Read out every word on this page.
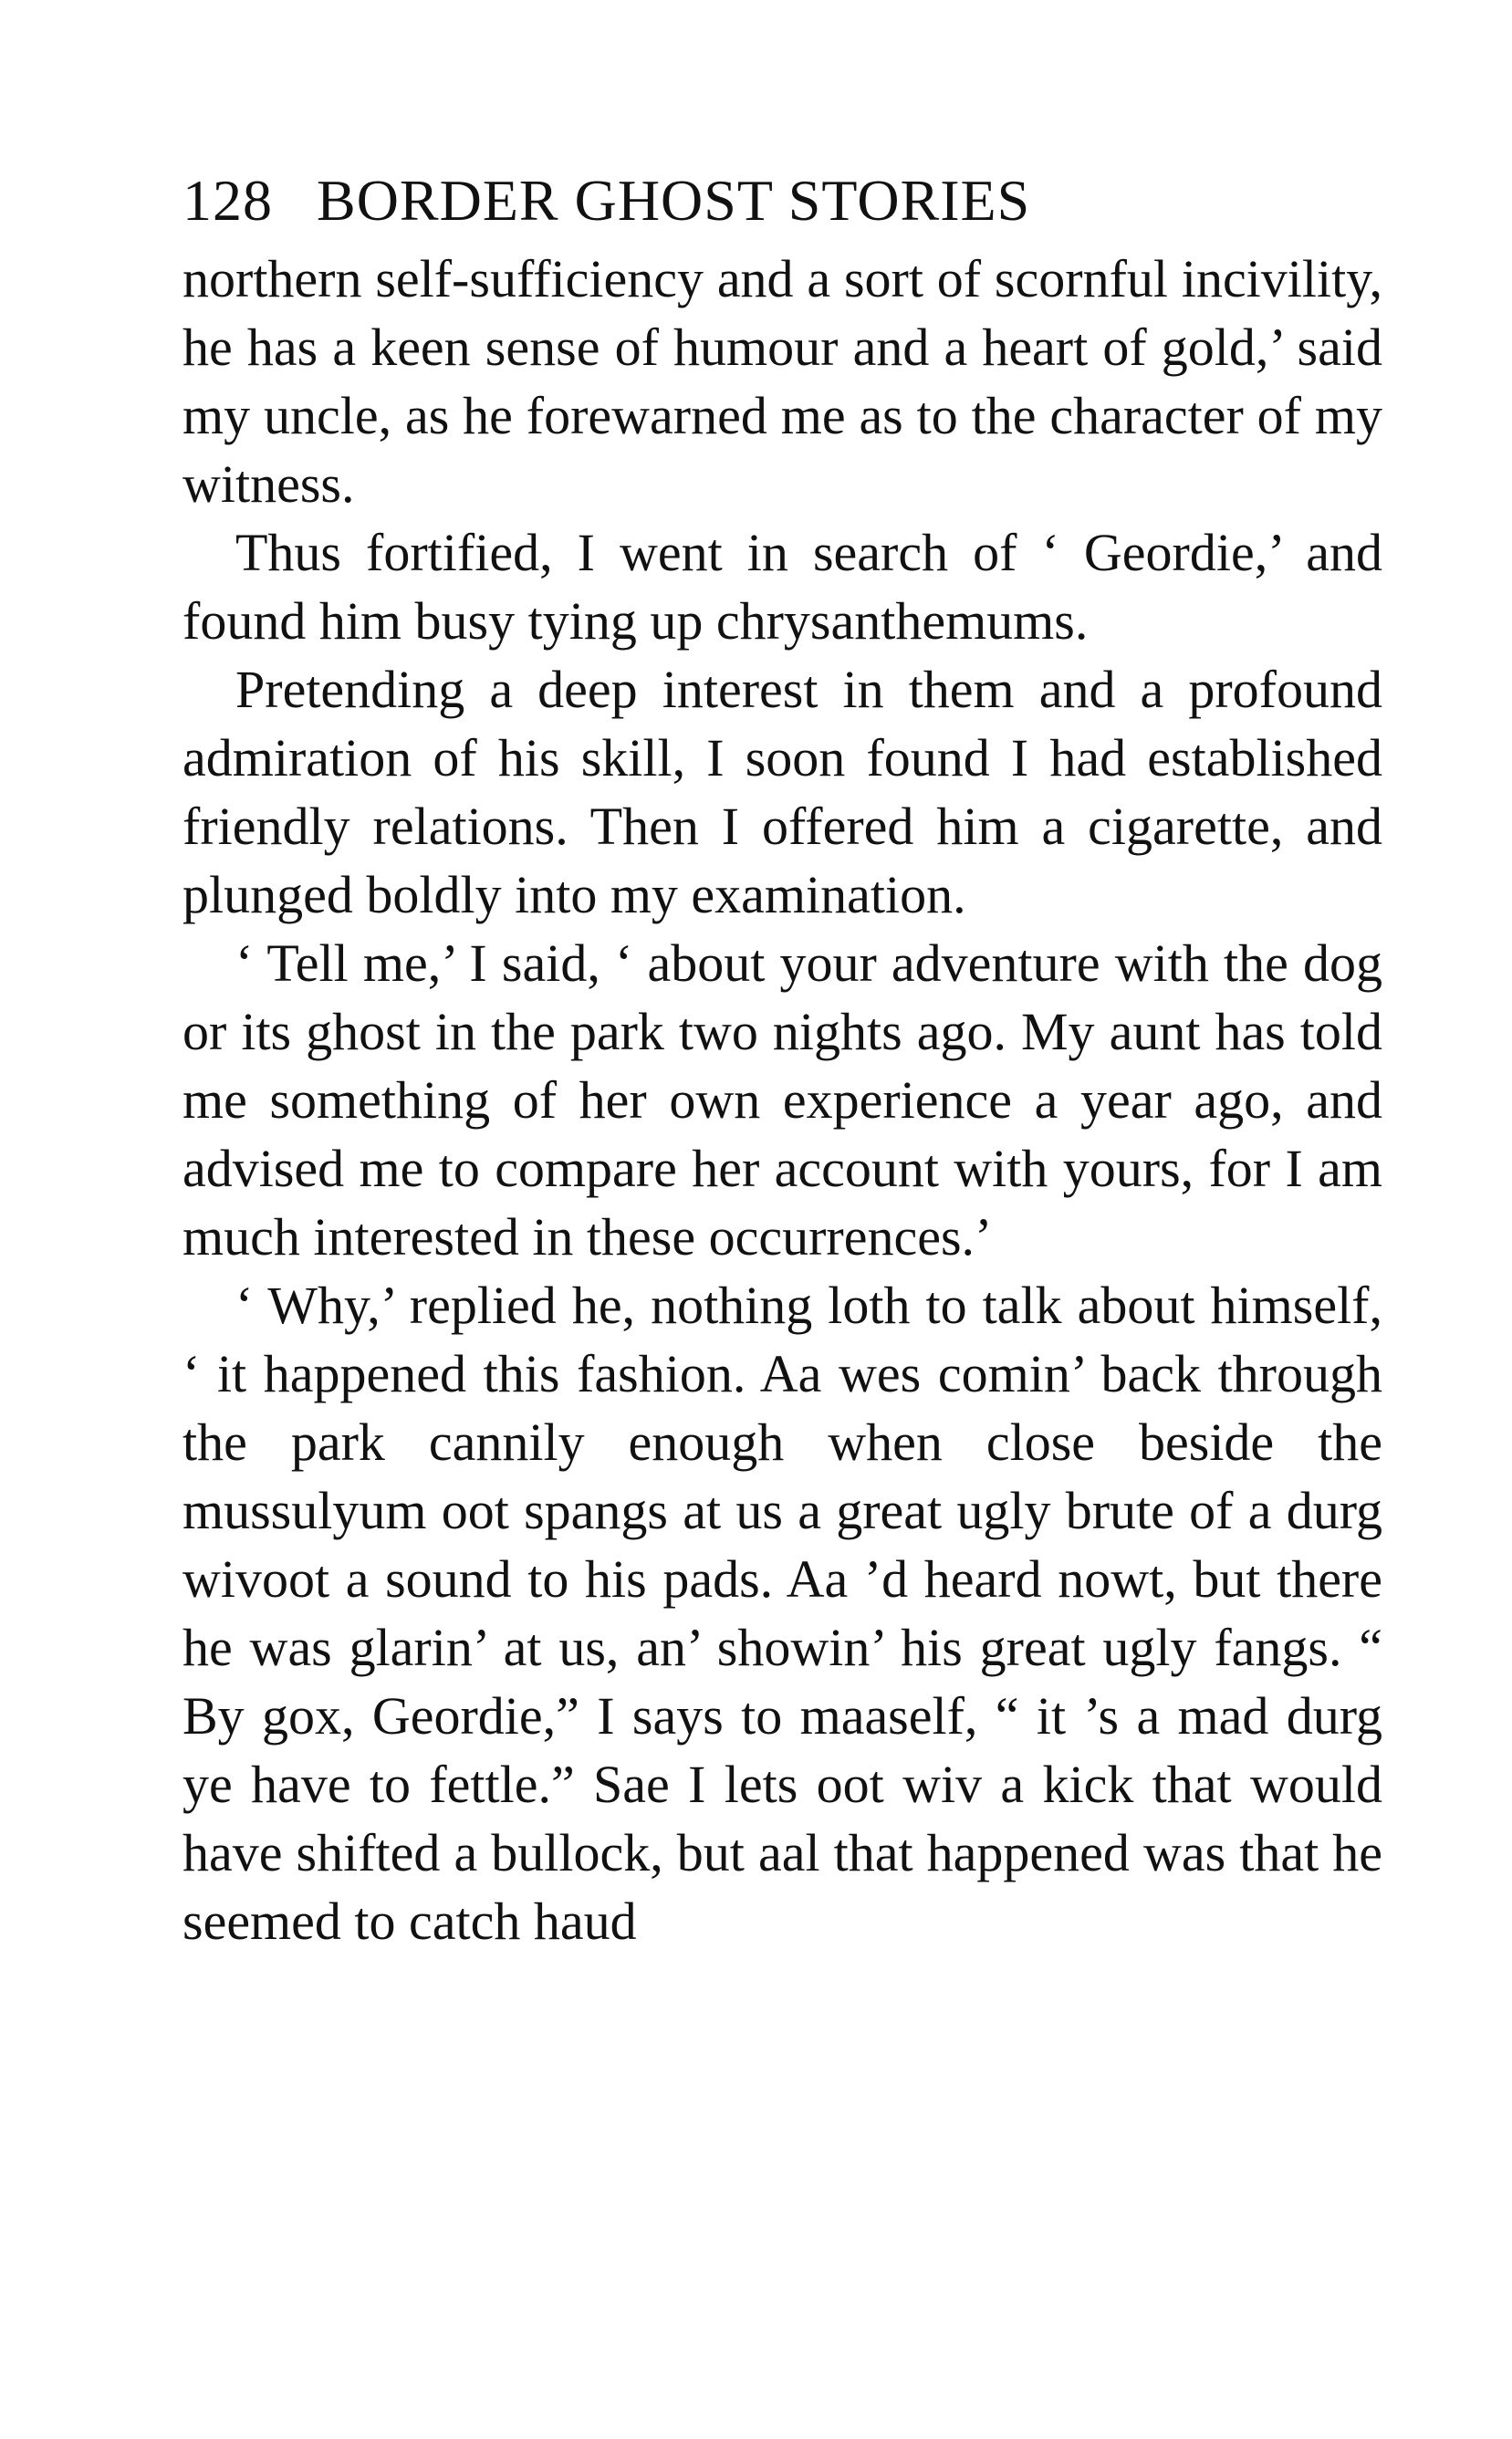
128 BORDER GHOST STORIES

northern self-sufficiency and a sort of scornful incivility, he has a keen sense of humour and a heart of gold,’ said my uncle, as he forewarned me as to the character of my witness.

Thus fortified, I went in search of ‘ Geordie,’ and found him busy tying up chrysanthemums.

Pretending a deep interest in them and a profound admiration of his skill, I soon found I had established friendly relations. Then I offered him a cigarette, and plunged boldly into my examination.

‘ Tell me,’ I said, ‘ about your adventure with the dog or its ghost in the park two nights ago. My aunt has told me something of her own experience a year ago, and advised me to compare her account with yours, for I am much interested in these occurrences.’

‘ Why,’ replied he, nothing loth to talk about himself, ‘ it happened this fashion. Aa wes comin’ back through the park cannily enough when close beside the mussulyum oot spangs at us a great ugly brute of a durg wivoot a sound to his pads. Aa ’d heard nowt, but there he was glarin’ at us, an’ showin’ his great ugly fangs. “ By gox, Geordie,” I says to maaself, “ it ’s a mad durg ye have to fettle.” Sae I lets oot wiv a kick that would have shifted a bullock, but aal that happened was that he seemed to catch haud
